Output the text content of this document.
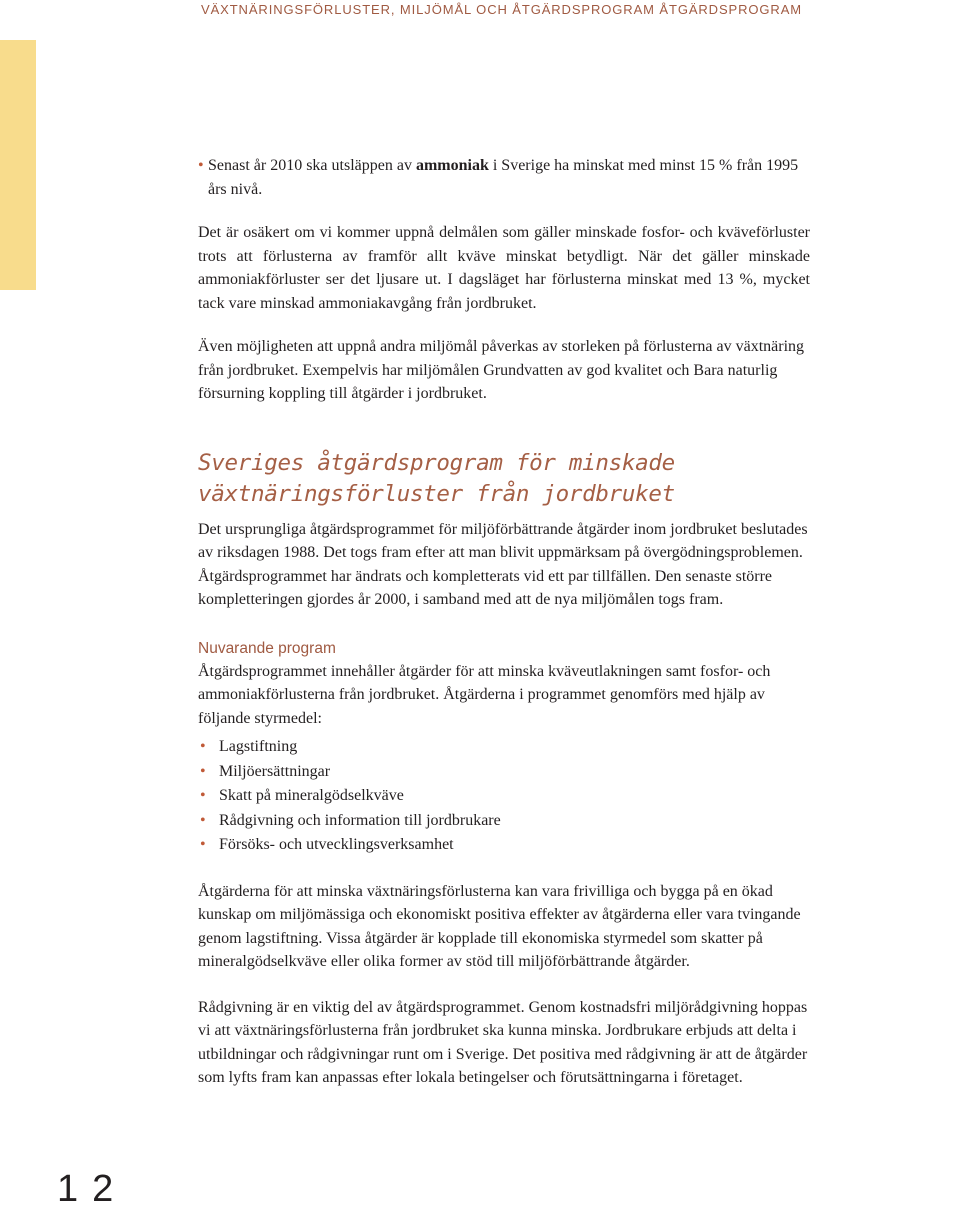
VÄXTNÄRINGSFÖRLUSTER, MILJÖMÅL OCH ÅTGÄRDSPROGRAM ÅTGÄRDSPROGRAM
• Senast år 2010 ska utsläppen av ammoniak i Sverige ha minskat med minst 15 % från 1995 års nivå.

Det är osäkert om vi kommer uppnå delmålen som gäller minskade fosfor- och kväveförluster trots att förlusterna av framför allt kväve minskat betydligt. När det gäller minskade ammoniakförluster ser det ljusare ut. I dagsläget har förlusterna minskat med 13 %, mycket tack vare minskad ammoniakavgång från jordbruket.

Även möjligheten att uppnå andra miljömål påverkas av storleken på förlusterna av växtnäring från jordbruket. Exempelvis har miljömålen Grundvatten av god kvalitet och Bara naturlig försurning koppling till åtgärder i jordbruket.

Sveriges åtgärdsprogram för minskade
växtnäringsförluster från jordbruket

Det ursprungliga åtgärdsprogrammet för miljöförbättrande åtgärder inom jordbruket beslutades av riksdagen 1988. Det togs fram efter att man blivit uppmärksam på övergödningsproblemen. Åtgärdsprogrammet har ändrats och kompletterats vid ett par tillfällen. Den senaste större kompletteringen gjordes år 2000, i samband med att de nya miljömålen togs fram.

Nuvarande program

Åtgärdsprogrammet innehåller åtgärder för att minska kväveutlakningen samt fosfor- och ammoniakförlusterna från jordbruket. Åtgärderna i programmet genomförs med hjälp av följande styrmedel:

• Lagstiftning
• Miljöersättningar
• Skatt på mineralgödselkväve
• Rådgivning och information till jordbrukare
• Försöks- och utvecklingsverksamhet

Åtgärderna för att minska växtnäringsförlusterna kan vara frivilliga och bygga på en ökad kunskap om miljömässiga och ekonomiskt positiva effekter av åtgärderna eller vara tvingande genom lagstiftning. Vissa åtgärder är kopplade till ekonomiska styrmedel som skatter på mineralgödselkväve eller olika former av stöd till miljöförbättrande åtgärder.

Rådgivning är en viktig del av åtgärdsprogrammet. Genom kostnadsfri miljörådgivning hoppas vi att växtnäringsförlusterna från jordbruket ska kunna minska. Jordbrukare erbjuds att delta i utbildningar och rådgivningar runt om i Sverige. Det positiva med rådgivning är att de åtgärder som lyfts fram kan anpassas efter lokala betingelser och förutsättningarna i företaget.

12
